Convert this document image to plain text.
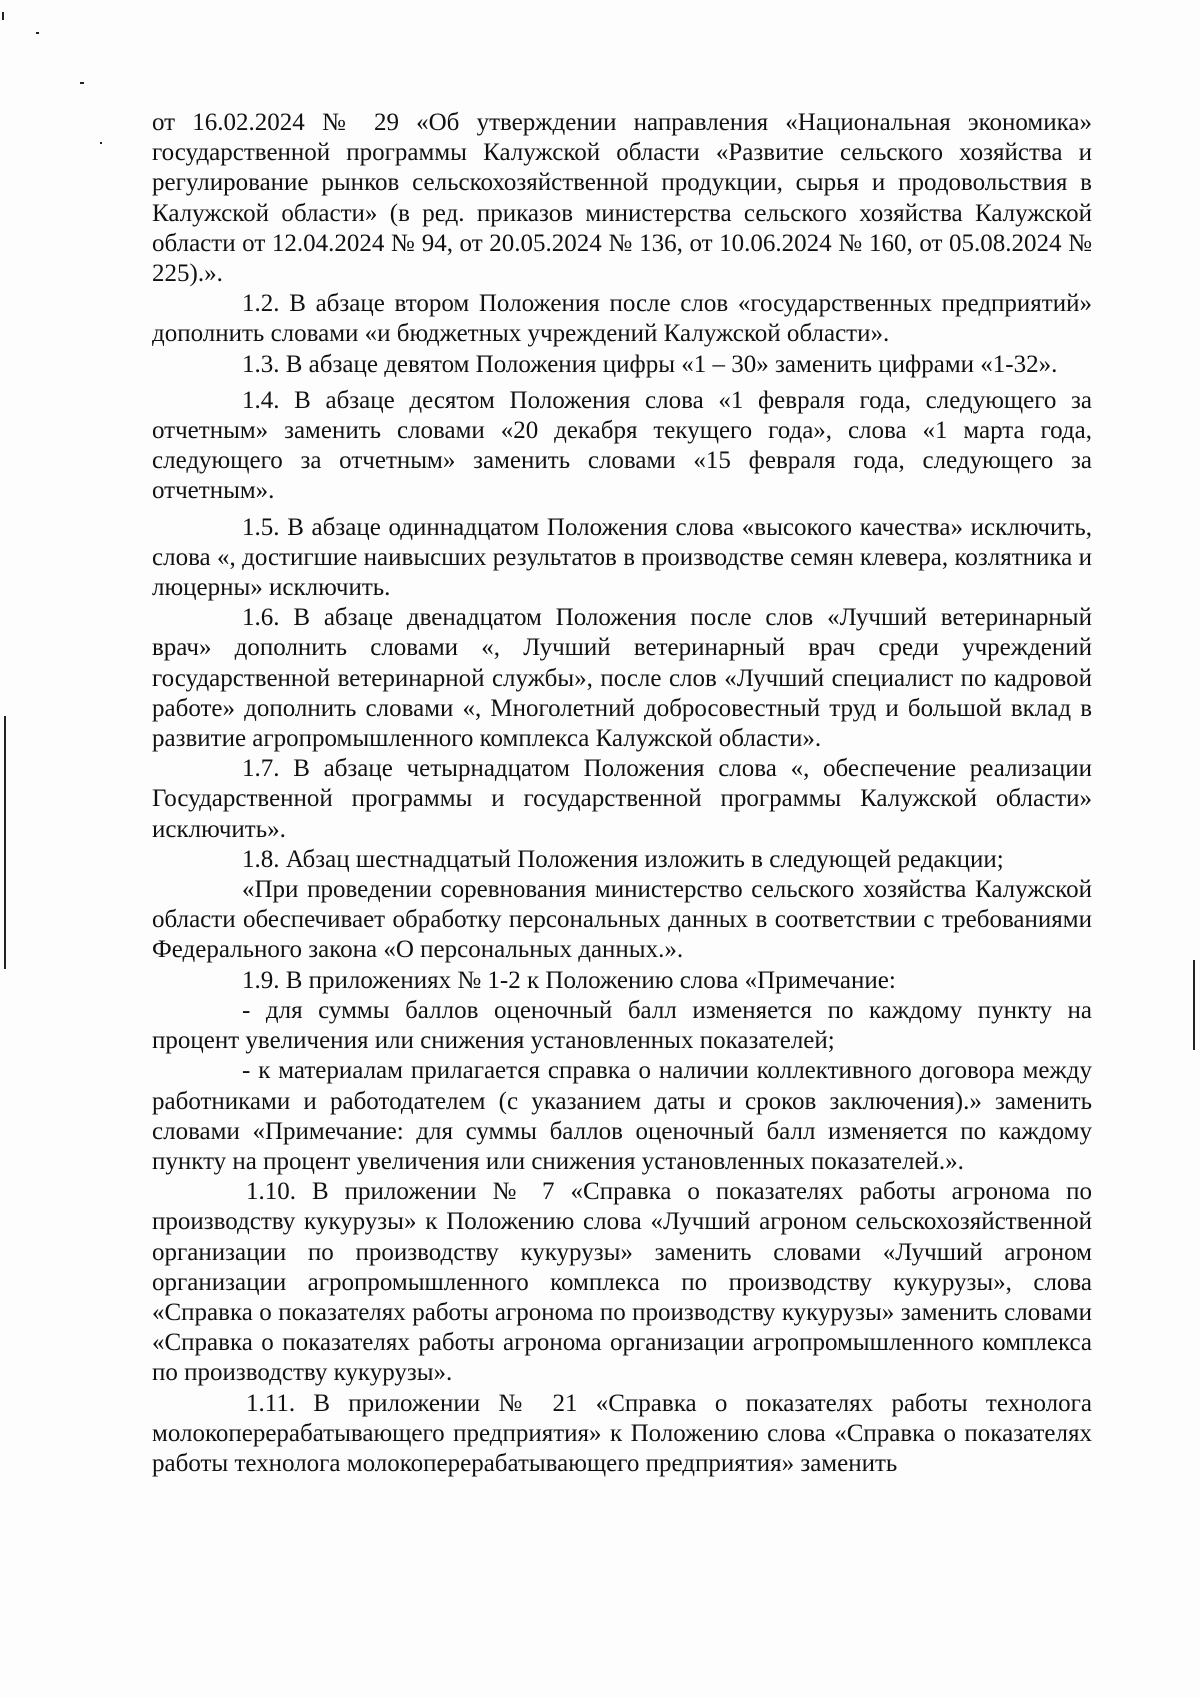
от 16.02.2024 № 29 «Об утверждении направления «Национальная экономика» государственной программы Калужской области «Развитие сельского хозяйства и регулирование рынков сельскохозяйственной продукции, сырья и продовольствия в Калужской области» (в ред. приказов министерства сельского хозяйства Калужской области от 12.04.2024 № 94, от 20.05.2024 № 136, от 10.06.2024 № 160, от 05.08.2024 № 225).».

1.2. В абзаце втором Положения после слов «государственных предприятий» дополнить словами «и бюджетных учреждений Калужской области».

1.3. В абзаце девятом Положения цифры «1 – 30» заменить цифрами «1-32».

1.4. В абзаце десятом Положения слова «1 февраля года, следующего за отчетным» заменить словами «20 декабря текущего года», слова «1 марта года, следующего за отчетным» заменить словами «15 февраля года, следующего за отчетным».

1.5. В абзаце одиннадцатом Положения слова «высокого качества» исключить, слова «, достигшие наивысших результатов в производстве семян клевера, козлятника и люцерны» исключить.

1.6. В абзаце двенадцатом Положения после слов «Лучший ветеринарный врач» дополнить словами «, Лучший ветеринарный врач среди учреждений государственной ветеринарной службы», после слов «Лучший специалист по кадровой работе» дополнить словами «, Многолетний добросовестный труд и большой вклад в развитие агропромышленного комплекса Калужской области».

1.7. В абзаце четырнадцатом Положения слова «, обеспечение реализации Государственной программы и государственной программы Калужской области» исключить».

1.8. Абзац шестнадцатый Положения изложить в следующей редакции;

«При проведении соревнования министерство сельского хозяйства Калужской области обеспечивает обработку персональных данных в соответствии с требованиями Федерального закона «О персональных данных.».

1.9. В приложениях № 1-2 к Положению слова «Примечание:

- для суммы баллов оценочный балл изменяется по каждому пункту на процент увеличения или снижения установленных показателей;

- к материалам прилагается справка о наличии коллективного договора между работниками и работодателем (с указанием даты и сроков заключения).» заменить словами «Примечание: для суммы баллов оценочный балл изменяется по каждому пункту на процент увеличения или снижения установленных показателей.».

1.10. В приложении № 7 «Справка о показателях работы агронома по производству кукурузы» к Положению слова «Лучший агроном сельскохозяйственной организации по производству кукурузы» заменить словами «Лучший агроном организации агропромышленного комплекса по производству кукурузы», слова «Справка о показателях работы агронома по производству кукурузы» заменить словами «Справка о показателях работы агронома организации агропромышленного комплекса по производству кукурузы».

1.11. В приложении № 21 «Справка о показателях работы технолога молокоперерабатывающего предприятия» к Положению слова «Справка о показателях работы технолога молокоперерабатывающего предприятия» заменить
